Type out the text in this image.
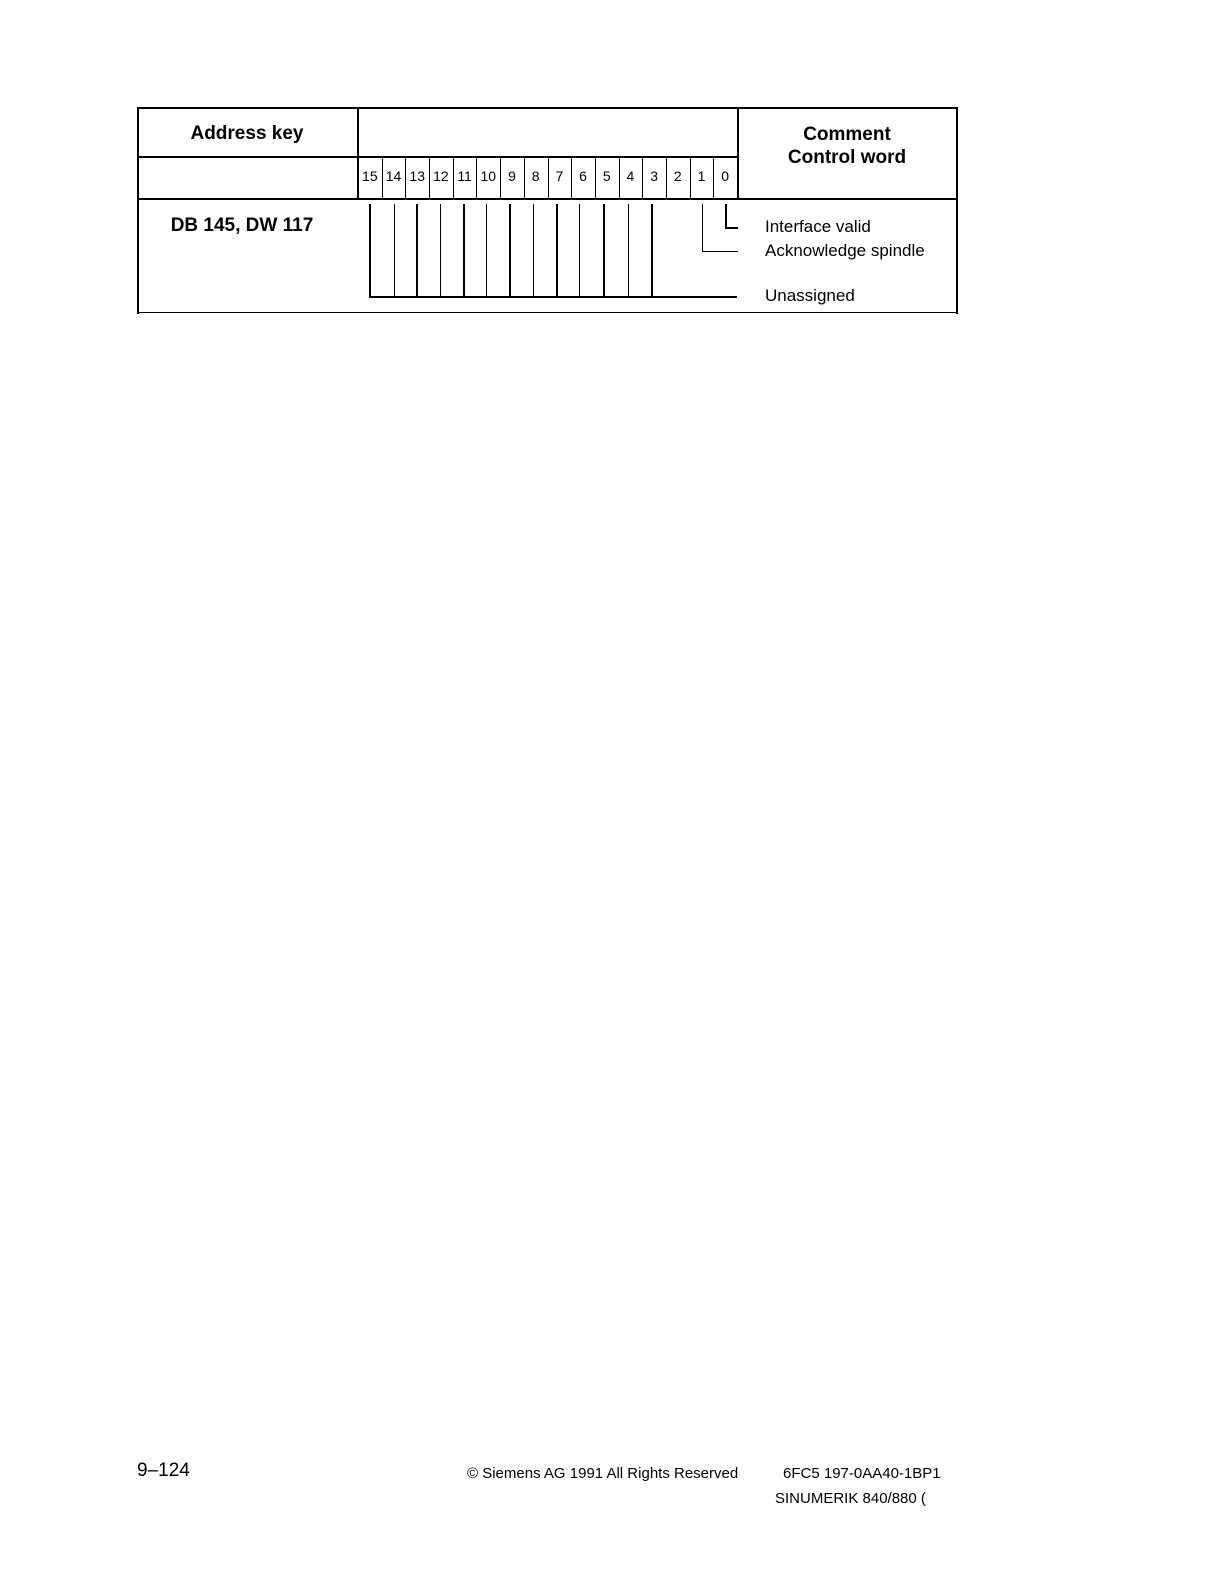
Address key	Comment
Control word
15 14 13 12 11 10 9	8	7	6	5	4	3	2	1	0
DB 145, DW 117	Interface valid
Acknowledge spindle
Unassigned
9–124	© Siemens AG 1991 All Rights Reserved	6FC5 197-0AA40-1BP1
SINUMERIK 840/880 (
